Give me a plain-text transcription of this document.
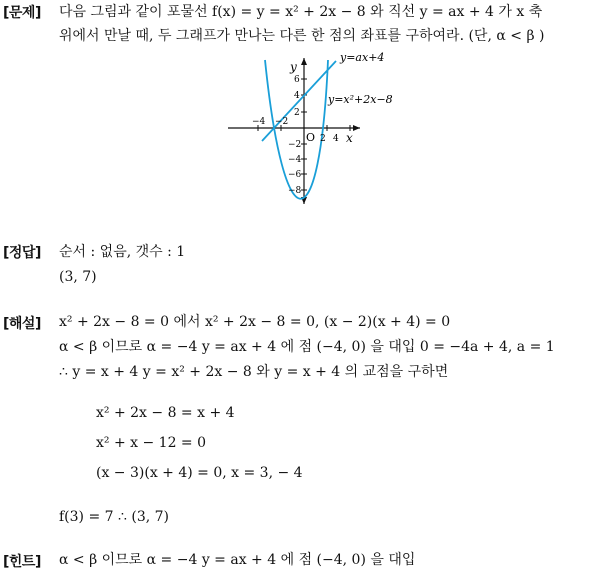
[문제] 다음 그림과 같이 포물선 f(x) = y = x² + 2x − 8 와 직선 y = ax + 4 가 x 축
위에서 만날 때, 두 그래프가 만나는 다른 한 점의 좌표를 구하여라. (단, α < β )
y=ax+4
y=x²+2x−8
x
y
O
−4 −2
2 4
6
4
2
−2
−4
−6
−8
[정답] 순서 : 없음, 갯수 : 1
(3, 7)
[해설] x² + 2x − 8 = 0 에서 x² + 2x − 8 = 0, (x − 2)(x + 4) = 0
α < β 이므로 α = −4 y = ax + 4 에 점 (−4, 0) 을 대입 0 = −4a + 4, a = 1
∴ y = x + 4 y = x² + 2x − 8 와 y = x + 4 의 교점을 구하면
x² + 2x − 8 = x + 4
x² + x − 12 = 0
(x − 3)(x + 4) = 0, x = 3, − 4
f(3) = 7 ∴ (3, 7)
[힌트] α < β 이므로 α = −4 y = ax + 4 에 점 (−4, 0) 을 대입
